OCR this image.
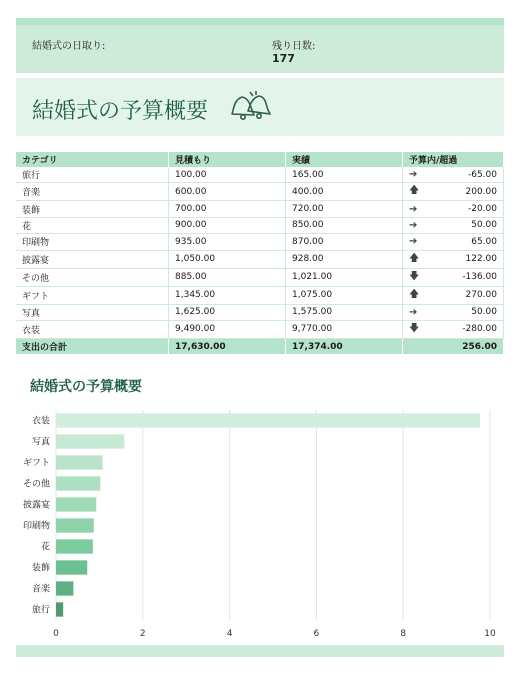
結婚式の日取り:	残り日数:
177
結婚式の予算概要
カテゴリ	見積もり	実績	予算内/超過
旅行	100.00	165.00	➔ -65.00

音楽	600.00	400.00	🡅 200.00

装飾	700.00	720.00	➔ -20.00

花	900.00	850.00	➔ 50.00

印刷物	935.00	870.00	➔ 65.00

披露宴	1,050.00	928.00	🡅 122.00

その他	885.00	1,021.00	🡇 -136.00

ギフト	1,345.00	1,075.00	🡅 270.00

写真	1,625.00	1,575.00	➔ 50.00

衣装	9,490.00	9,770.00	🡇 -280.00

支出の合計	17,630.00	17,374.00	256.00
結婚式の予算概要
0	2	4	6	8	10
衣装
写真
ギフト
その他
披露宴
印刷物
花
装飾
音楽
旅行
